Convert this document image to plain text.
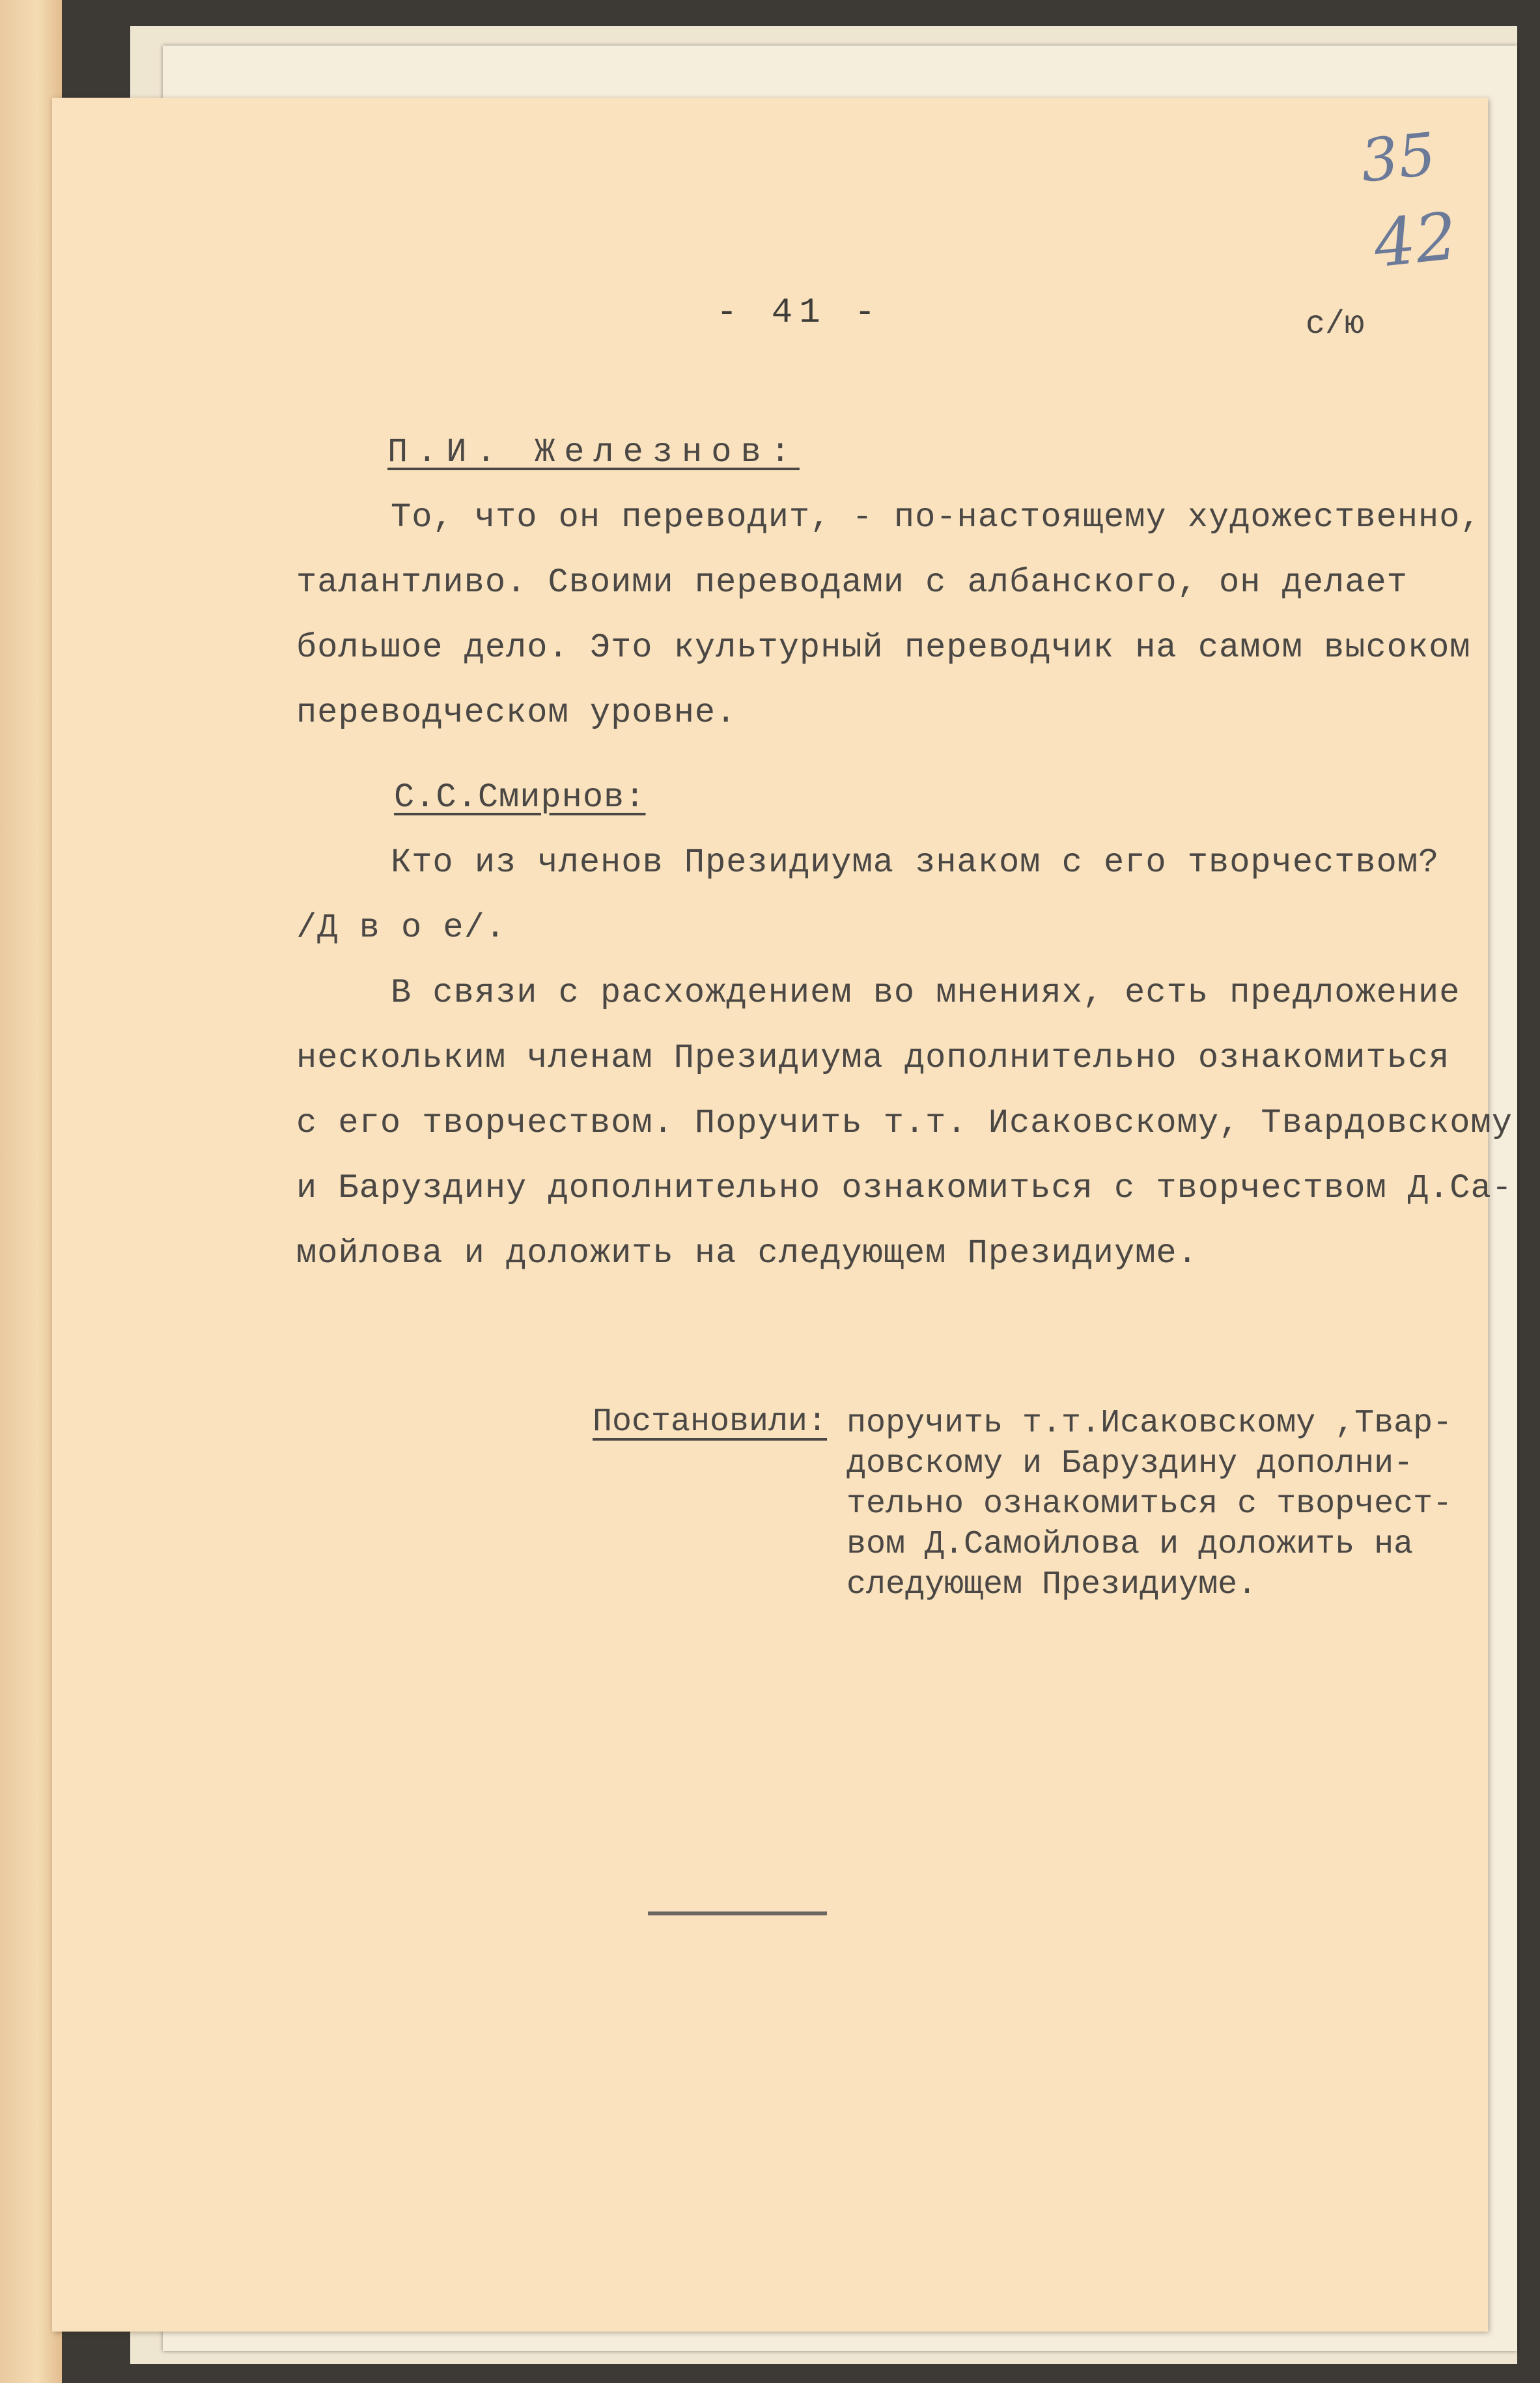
35
42
- 41 -	с/ю
П.И. Железнов:
То, что он переводит, - по-настоящему художественно,
талантливо. Своими переводами с албанского, он делает
большое дело. Это культурный переводчик на самом высоком
переводческом уровне.
С.С.Смирнов:
Кто из членов Президиума знаком с его творчеством?
/Д в о е/.
В связи с расхождением во мнениях, есть предложение
нескольким членам Президиума дополнительно ознакомиться
с его творчеством. Поручить т.т. Исаковскому, Твардовскому
и Баруздину дополнительно ознакомиться с творчеством Д.Са-
мойлова и доложить на следующем Президиуме.
Постановили: поручить т.т.Исаковскому ,Твар-
довскому и Баруздину дополни-
тельно ознакомиться с творчест-
вом Д.Самойлова и доложить на
следующем Президиуме.
